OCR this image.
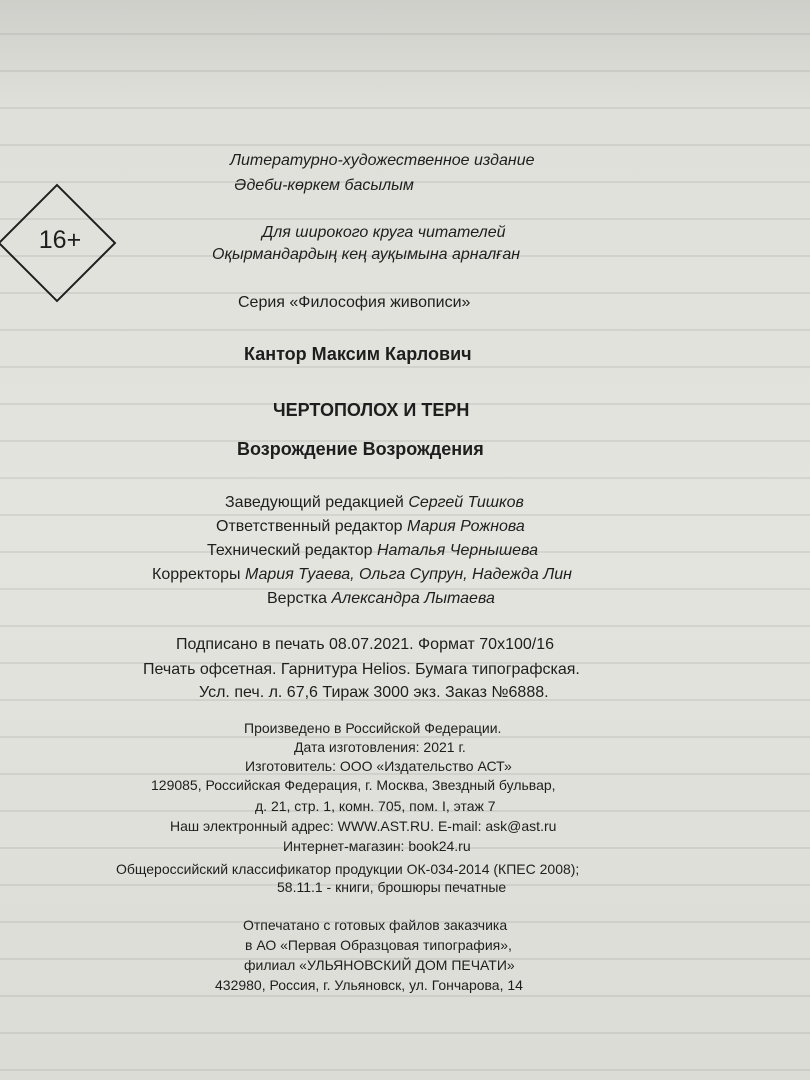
16+
Литературно-художественное издание
Әдеби-көркем басылым
Для широкого круга читателей
Оқырмандардың кең ауқымына арналған
Серия «Философия живописи»
Кантор Максим Карлович
ЧЕРТОПОЛОХ И ТЕРН
Возрождение Возрождения
Заведующий редакцией Сергей Тишков
Ответственный редактор Мария Рожнова
Технический редактор Наталья Чернышева
Корректоры Мария Туаева, Ольга Супрун, Надежда Лин
Верстка Александра Лытаева
Подписано в печать 08.07.2021. Формат 70x100/16
Печать офсетная. Гарнитура Helios. Бумага типографская.
Усл. печ. л. 67,6 Тираж 3000 экз. Заказ №6888.
Произведено в Российской Федерации.
Дата изготовления: 2021 г.
Изготовитель: ООО «Издательство АСТ»
129085, Российская Федерация, г. Москва, Звездный бульвар,
д. 21, стр. 1, комн. 705, пом. I, этаж 7
Наш электронный адрес: WWW.AST.RU. E-mail: ask@ast.ru
Интернет-магазин: book24.ru
Общероссийский классификатор продукции ОК-034-2014 (КПЕС 2008);
58.11.1 - книги, брошюры печатные
Отпечатано с готовых файлов заказчика
в АО «Первая Образцовая типография»,
филиал «УЛЬЯНОВСКИЙ ДОМ ПЕЧАТИ»
432980, Россия, г. Ульяновск, ул. Гончарова, 14
